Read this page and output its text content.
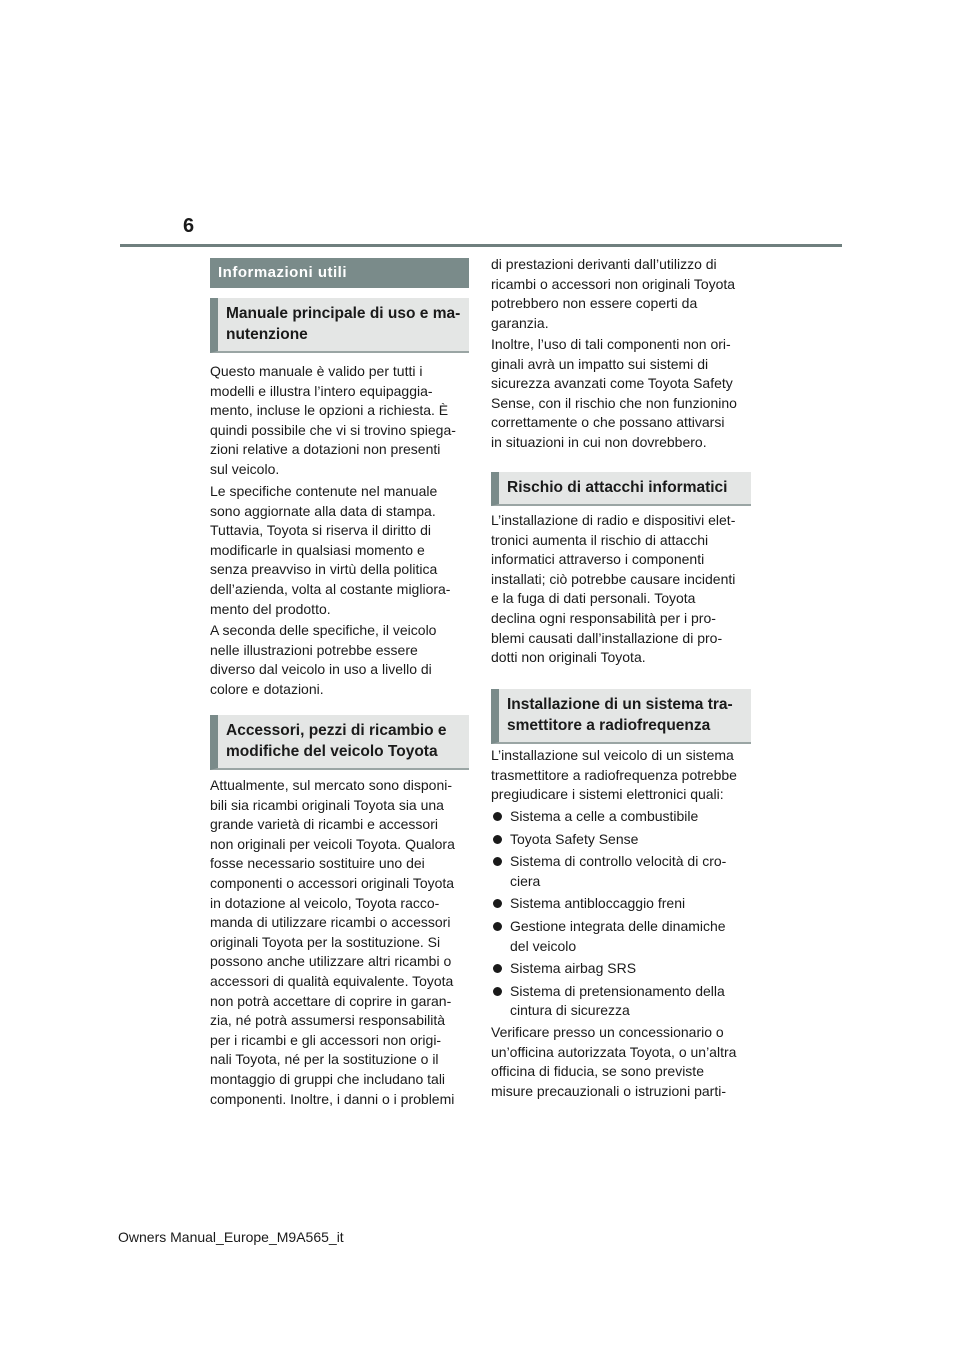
6
Informazioni utili
Manuale principale di uso e ma-
nutenzione

Questo manuale è valido per tutti i
modelli e illustra l’intero equipaggia-
mento, incluse le opzioni a richiesta. È
quindi possibile che vi si trovino spiega-
zioni relative a dotazioni non presenti
sul veicolo.

Le specifiche contenute nel manuale
sono aggiornate alla data di stampa.
Tuttavia, Toyota si riserva il diritto di
modificarle in qualsiasi momento e
senza preavviso in virtù della politica
dell’azienda, volta al costante migliora-
mento del prodotto.

A seconda delle specifiche, il veicolo
nelle illustrazioni potrebbe essere
diverso dal veicolo in uso a livello di
colore e dotazioni.

Accessori, pezzi di ricambio e
modifiche del veicolo Toyota

Attualmente, sul mercato sono disponi-
bili sia ricambi originali Toyota sia una
grande varietà di ricambi e accessori
non originali per veicoli Toyota. Qualora
fosse necessario sostituire uno dei
componenti o accessori originali Toyota
in dotazione al veicolo, Toyota racco-
manda di utilizzare ricambi o accessori
originali Toyota per la sostituzione. Si
possono anche utilizzare altri ricambi o
accessori di qualità equivalente. Toyota
non potrà accettare di coprire in garan-
zia, né potrà assumersi responsabilità
per i ricambi e gli accessori non origi-
nali Toyota, né per la sostituzione o il
montaggio di gruppi che includano tali
componenti. Inoltre, i danni o i problemi

di prestazioni derivanti dall’utilizzo di
ricambi o accessori non originali Toyota
potrebbero non essere coperti da
garanzia.

Inoltre, l’uso di tali componenti non ori-
ginali avrà un impatto sui sistemi di
sicurezza avanzati come Toyota Safety
Sense, con il rischio che non funzionino
correttamente o che possano attivarsi
in situazioni in cui non dovrebbero.

Rischio di attacchi informatici

L’installazione di radio e dispositivi elet-
tronici aumenta il rischio di attacchi
informatici attraverso i componenti
installati; ciò potrebbe causare incidenti
e la fuga di dati personali. Toyota
declina ogni responsabilità per i pro-
blemi causati dall’installazione di pro-
dotti non originali Toyota.

Installazione di un sistema tra-
smettitore a radiofrequenza

L’installazione sul veicolo di un sistema
trasmettitore a radiofrequenza potrebbe
pregiudicare i sistemi elettronici quali:

Sistema a celle a combustibile
Toyota Safety Sense
Sistema di controllo velocità di cro-
ciera
Sistema antibloccaggio freni
Gestione integrata delle dinamiche
del veicolo
Sistema airbag SRS
Sistema di pretensionamento della
cintura di sicurezza

Verificare presso un concessionario o
un’officina autorizzata Toyota, o un’altra
officina di fiducia, se sono previste
misure precauzionali o istruzioni parti-

Owners Manual_Europe_M9A565_it
